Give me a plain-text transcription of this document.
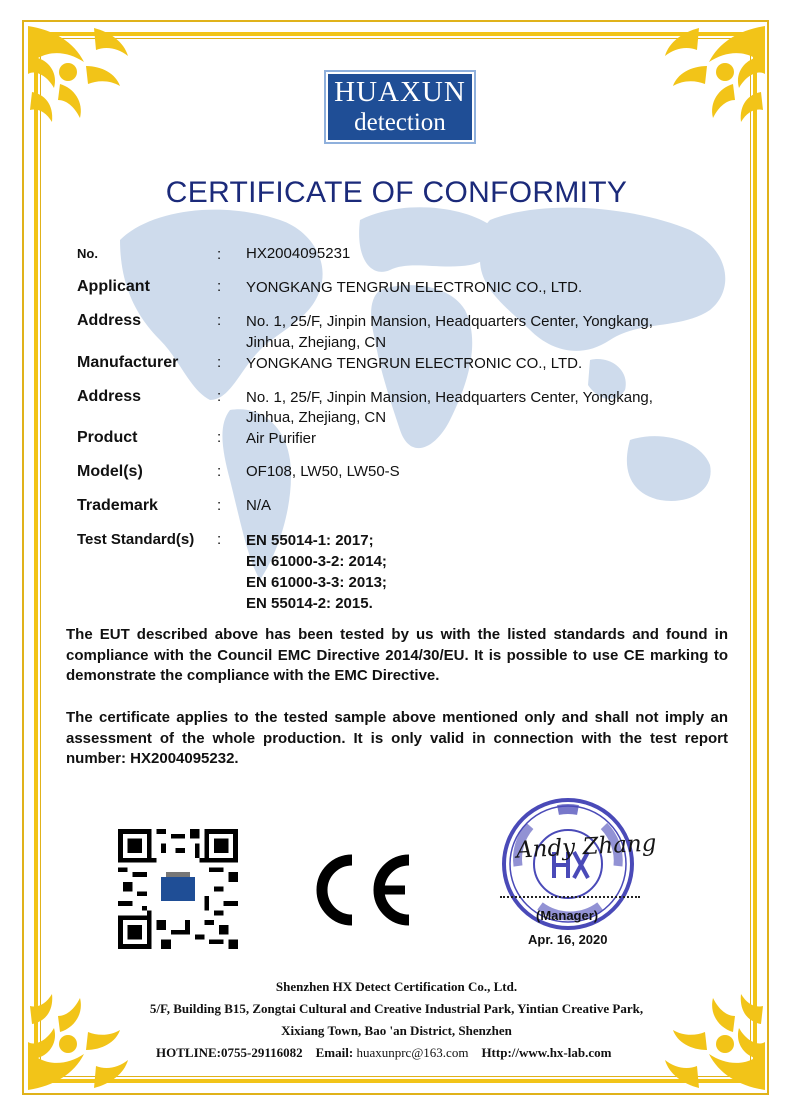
HUAXUN
detection
CERTIFICATE OF CONFORMITY
No.	: HX2004095231
Applicant	: YONGKANG TENGRUN ELECTRONIC CO., LTD.
Address	: No. 1, 25/F, Jinpin Mansion, Headquarters Center, Yongkang,
Jinhua, Zhejiang, CN
Manufacturer	: YONGKANG TENGRUN ELECTRONIC CO., LTD.
Address	: No. 1, 25/F, Jinpin Mansion, Headquarters Center, Yongkang,
Jinhua, Zhejiang, CN
Product	: Air Purifier
Model(s)	: OF108, LW50, LW50-S
Trademark	: N/A
Test Standard(s) : EN 55014-1: 2017;
EN 61000-3-2: 2014;
EN 61000-3-3: 2013;
EN 55014-2: 2015.
The EUT described above has been tested by us with the listed standards and found in compliance with the Council EMC Directive 2014/30/EU. It is possible to use CE marking to demonstrate the compliance with the EMC Directive.
The certificate applies to the tested sample above mentioned only and shall not imply an assessment of the whole production. It is only valid in connection with the test report number: HX2004095232.
Andy Zhang
(Manager)
Apr. 16, 2020
Shenzhen HX Detect Certification Co., Ltd.
5/F, Building B15, Zongtai Cultural and Creative Industrial Park, Yintian Creative Park,
Xixiang Town, Bao 'an District, Shenzhen
HOTLINE:0755-29116082 Email: huaxunprc@163.com Http://www.hx-lab.com
